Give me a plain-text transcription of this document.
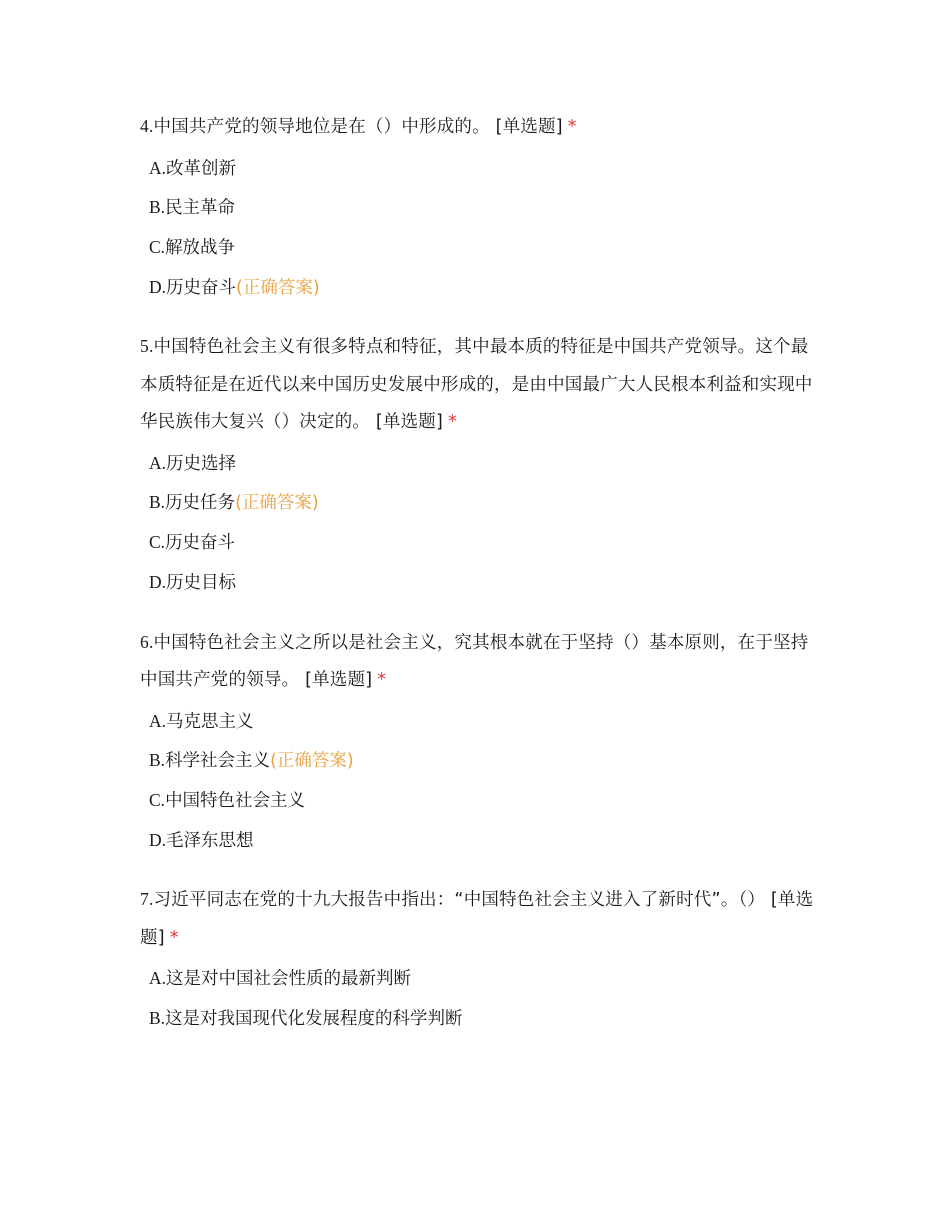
4.中国共产党的领导地位是在（）中形成的。 [单选题] *

A.改革创新
B.民主革命
C.解放战争
D.历史奋斗(正确答案)

5.中国特色社会主义有很多特点和特征，其中最本质的特征是中国共产党领导。这个最本质特征是在近代以来中国历史发展中形成的，是由中国最广大人民根本利益和实现中华民族伟大复兴（）决定的。 [单选题] *

A.历史选择
B.历史任务(正确答案)
C.历史奋斗
D.历史目标

6.中国特色社会主义之所以是社会主义，究其根本就在于坚持（）基本原则，在于坚持中国共产党的领导。 [单选题] *

A.马克思主义
B.科学社会主义(正确答案)
C.中国特色社会主义
D.毛泽东思想

7.习近平同志在党的十九大报告中指出：“中国特色社会主义进入了新时代”。（） [单选题] *

A.这是对中国社会性质的最新判断
B.这是对我国现代化发展程度的科学判断
